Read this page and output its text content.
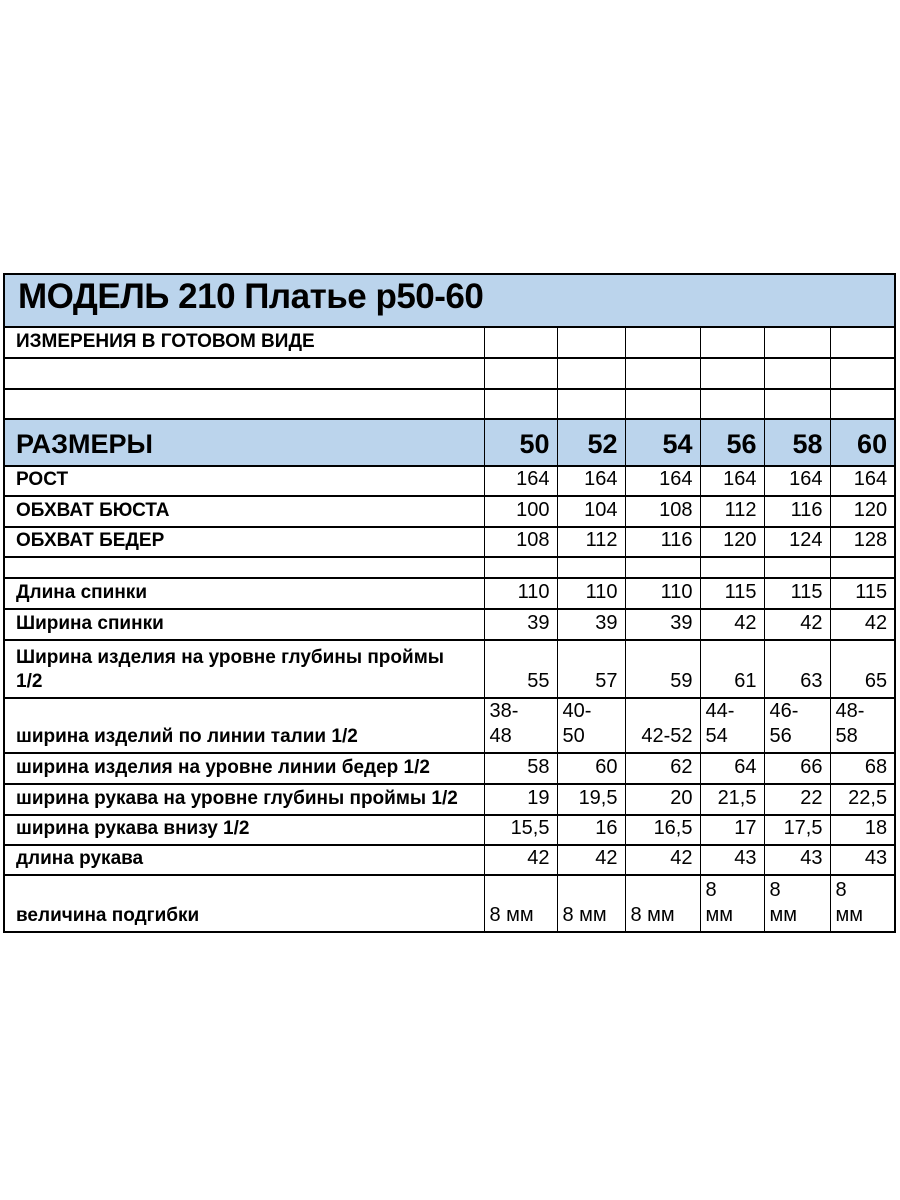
МОДЕЛЬ 210 Платье р50-60						
ИЗМЕРЕНИЯ В ГОТОВОМ ВИДЕ						

РАЗМЕРЫ	50	52	54	56	58	60
РОСТ	164	164	164	164	164	164
ОБХВАТ БЮСТА	100	104	108	112	116	120
ОБХВАТ БЕДЕР	108	112	116	120	124	128

Длина спинки	110	110	110	115	115	115
Ширина спинки	39	39	39	42	42	42

Ширина изделия на уровне глубины проймы 1/2	55	57	59	61	63	65
ширина изделий по линии талии 1/2	38-48	40-50	42-52	44-54	46-56	48-58
ширина изделия на уровне линии бедер 1/2	58	60	62	64	66	68
ширина рукава на уровне глубины проймы 1/2	19	19,5	20	21,5	22	22,5
ширина рукава внизу 1/2	15,5	16	16,5	17	17,5	18
длина рукава	42	42	42	43	43	43
величина подгибки	8 мм	8 мм	8 мм	8 мм	8 мм	8 мм
